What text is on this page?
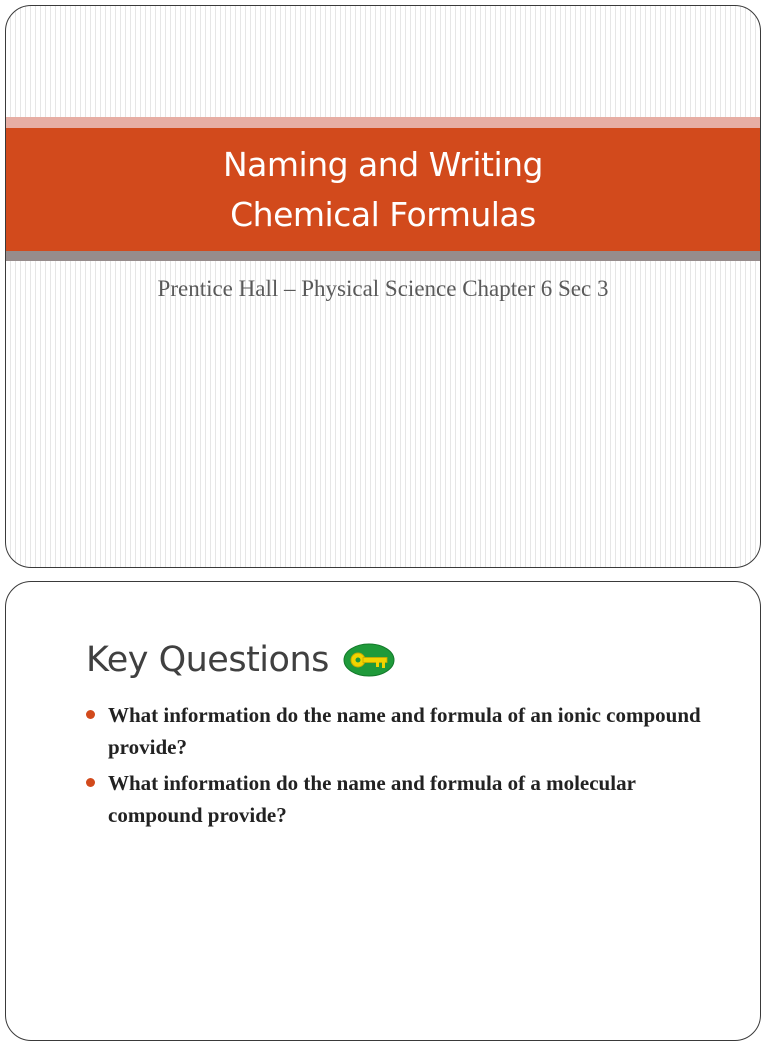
Naming and Writing
Chemical Formulas
Prentice Hall – Physical Science Chapter 6 Sec 3
Key Questions
What information do the name and formula of an ionic compound provide?
What information do the name and formula of a molecular compound provide?
